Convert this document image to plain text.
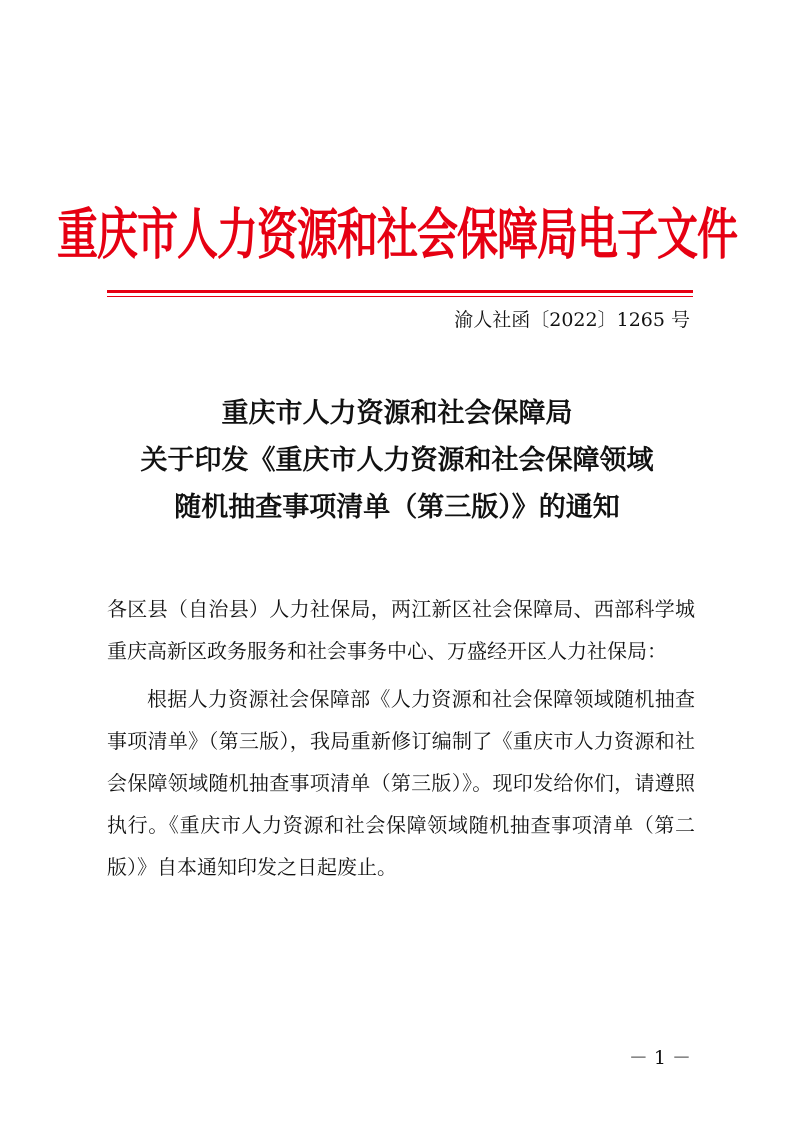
重庆市人力资源和社会保障局电子文件
渝人社函〔2022〕1265 号
重庆市人力资源和社会保障局
关于印发《重庆市人力资源和社会保障领域
随机抽查事项清单（第三版）》的通知

各区县（自治县）人力社保局，两江新区社会保障局、西部科学城重庆高新区政务服务和社会事务中心、万盛经开区人力社保局：

根据人力资源社会保障部《人力资源和社会保障领域随机抽查事项清单》（第三版），我局重新修订编制了《重庆市人力资源和社会保障领域随机抽查事项清单（第三版）》。现印发给你们，请遵照执行。《重庆市人力资源和社会保障领域随机抽查事项清单（第二版）》自本通知印发之日起废止。

－ 1 －
